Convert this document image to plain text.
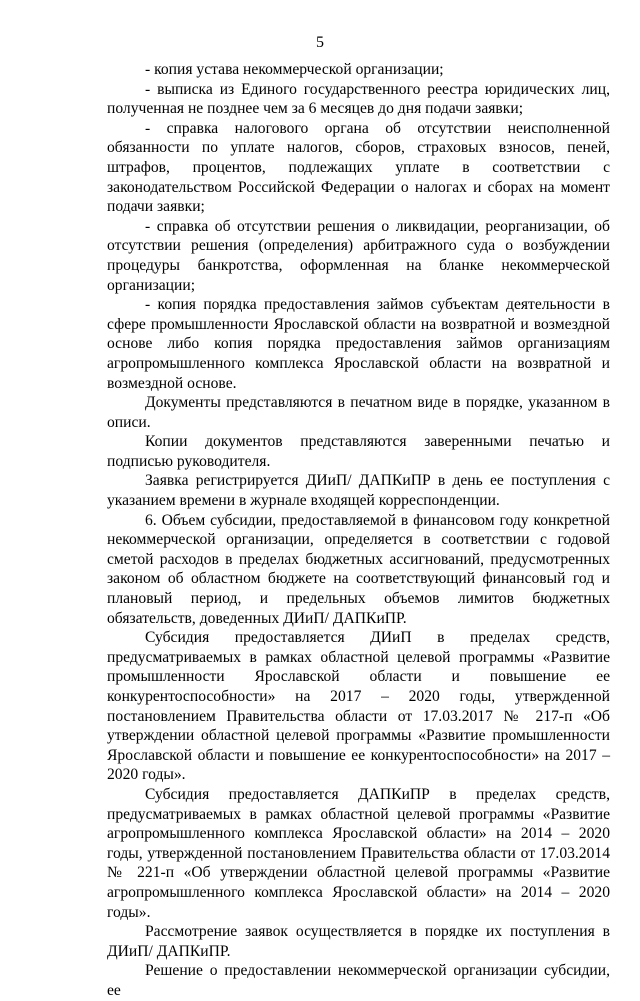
5

- копия устава некоммерческой организации;

- выписка из Единого государственного реестра юридических лиц, полученная не позднее чем за 6 месяцев до дня подачи заявки;

- справка налогового органа об отсутствии неисполненной обязанности по уплате налогов, сборов, страховых взносов, пеней, штрафов, процентов, подлежащих уплате в соответствии с законодательством Российской Федерации о налогах и сборах на момент подачи заявки;

- справка об отсутствии решения о ликвидации, реорганизации, об отсутствии решения (определения) арбитражного суда о возбуждении процедуры банкротства, оформленная на бланке некоммерческой организации;

- копия порядка предоставления займов субъектам деятельности в сфере промышленности Ярославской области на возвратной и возмездной основе либо копия порядка предоставления займов организациям агропромышленного комплекса Ярославской области на возвратной и возмездной основе.

Документы представляются в печатном виде в порядке, указанном в описи.

Копии документов представляются заверенными печатью и подписью руководителя.

Заявка регистрируется ДИиП/ ДАПКиПР в день ее поступления с указанием времени в журнале входящей корреспонденции.

6. Объем субсидии, предоставляемой в финансовом году конкретной некоммерческой организации, определяется в соответствии с годовой сметой расходов в пределах бюджетных ассигнований, предусмотренных законом об областном бюджете на соответствующий финансовый год и плановый период, и предельных объемов лимитов бюджетных обязательств, доведенных ДИиП/ ДАПКиПР.

Субсидия предоставляется ДИиП в пределах средств, предусматриваемых в рамках областной целевой программы «Развитие промышленности Ярославской области и повышение ее конкурентоспособности» на 2017 – 2020 годы, утвержденной постановлением Правительства области от 17.03.2017 № 217-п «Об утверждении областной целевой программы «Развитие промышленности Ярославской области и повышение ее конкурентоспособности» на 2017 – 2020 годы».

Субсидия предоставляется ДАПКиПР в пределах средств, предусматриваемых в рамках областной целевой программы «Развитие агропромышленного комплекса Ярославской области» на 2014 – 2020 годы, утвержденной постановлением Правительства области от 17.03.2014 № 221-п «Об утверждении областной целевой программы «Развитие агропромышленного комплекса Ярославской области» на 2014 – 2020 годы».

Рассмотрение заявок осуществляется в порядке их поступления в ДИиП/ ДАПКиПР.

Решение о предоставлении некоммерческой организации субсидии, ее
